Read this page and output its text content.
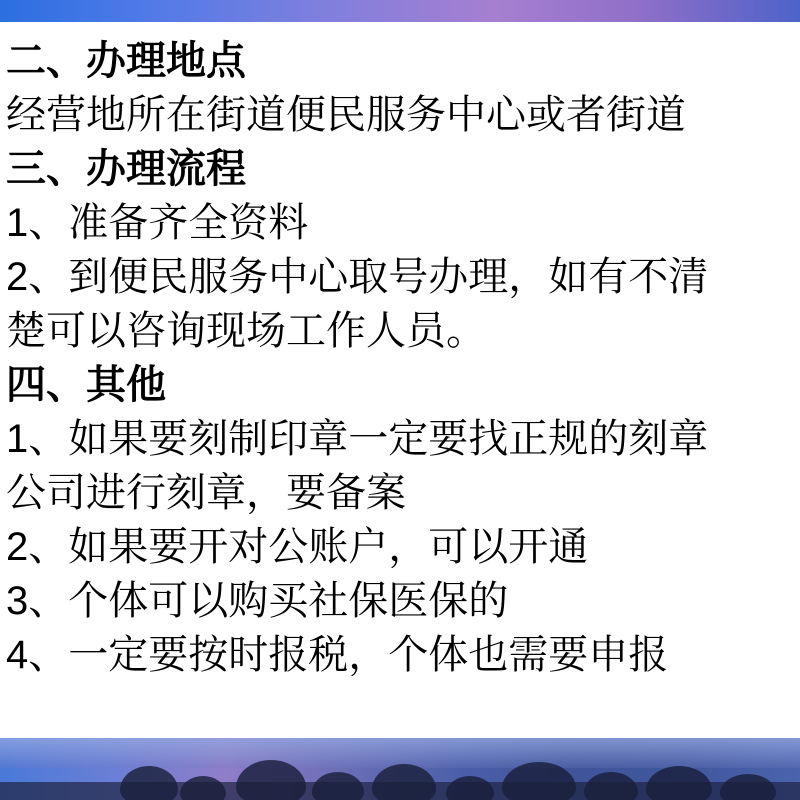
二、办理地点
经营地所在街道便民服务中心或者街道
三、办理流程
1、准备齐全资料
2、到便民服务中心取号办理，如有不清
楚可以咨询现场工作人员。
四、其他
1、如果要刻制印章一定要找正规的刻章
公司进行刻章，要备案
2、如果要开对公账户，可以开通
3、个体可以购买社保医保的
4、一定要按时报税，个体也需要申报
